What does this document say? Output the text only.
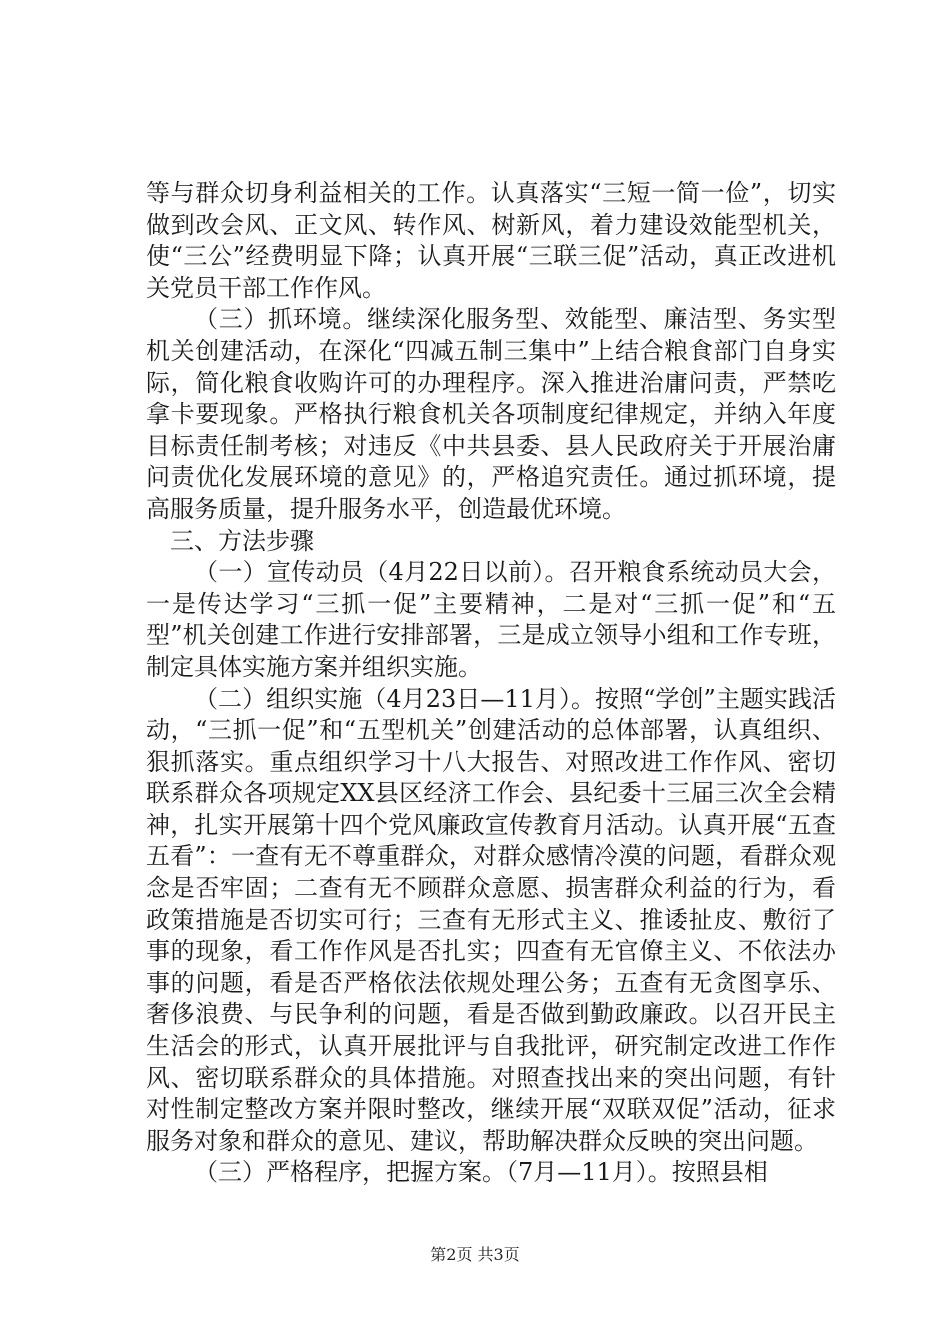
等与群众切身利益相关的工作。认真落实“三短一简一俭”，切实做到改会风、正文风、转作风、树新风，着力建设效能型机关，使“三公”经费明显下降；认真开展“三联三促”活动，真正改进机关党员干部工作作风。

（三）抓环境。继续深化服务型、效能型、廉洁型、务实型机关创建活动，在深化“四减五制三集中”上结合粮食部门自身实际，简化粮食收购许可的办理程序。深入推进治庸问责，严禁吃拿卡要现象。严格执行粮食机关各项制度纪律规定，并纳入年度目标责任制考核；对违反《中共县委、县人民政府关于开展治庸问责优化发展环境的意见》的，严格追究责任。通过抓环境，提高服务质量，提升服务水平，创造最优环境。

三、方法步骤

（一）宣传动员（4月22日以前）。召开粮食系统动员大会，一是传达学习“三抓一促”主要精神，二是对“三抓一促”和“五型”机关创建工作进行安排部署，三是成立领导小组和工作专班，制定具体实施方案并组织实施。

（二）组织实施（4月23日—11月）。按照“学创”主题实践活动，“三抓一促”和“五型机关”创建活动的总体部署，认真组织、狠抓落实。重点组织学习十八大报告、对照改进工作作风、密切联系群众各项规定XX县区经济工作会、县纪委十三届三次全会精神，扎实开展第十四个党风廉政宣传教育月活动。认真开展“五查五看”：一查有无不尊重群众，对群众感情冷漠的问题，看群众观念是否牢固；二查有无不顾群众意愿、损害群众利益的行为，看政策措施是否切实可行；三查有无形式主义、推诿扯皮、敷衍了事的现象，看工作作风是否扎实；四查有无官僚主义、不依法办事的问题，看是否严格依法依规处理公务；五查有无贪图享乐、奢侈浪费、与民争利的问题，看是否做到勤政廉政。以召开民主生活会的形式，认真开展批评与自我批评，研究制定改进工作作风、密切联系群众的具体措施。对照查找出来的突出问题，有针对性制定整改方案并限时整改，继续开展“双联双促”活动，征求服务对象和群众的意见、建议，帮助解决群众反映的突出问题。

（三）严格程序，把握方案。（7月—11月）。按照县相

第2页 共3页
